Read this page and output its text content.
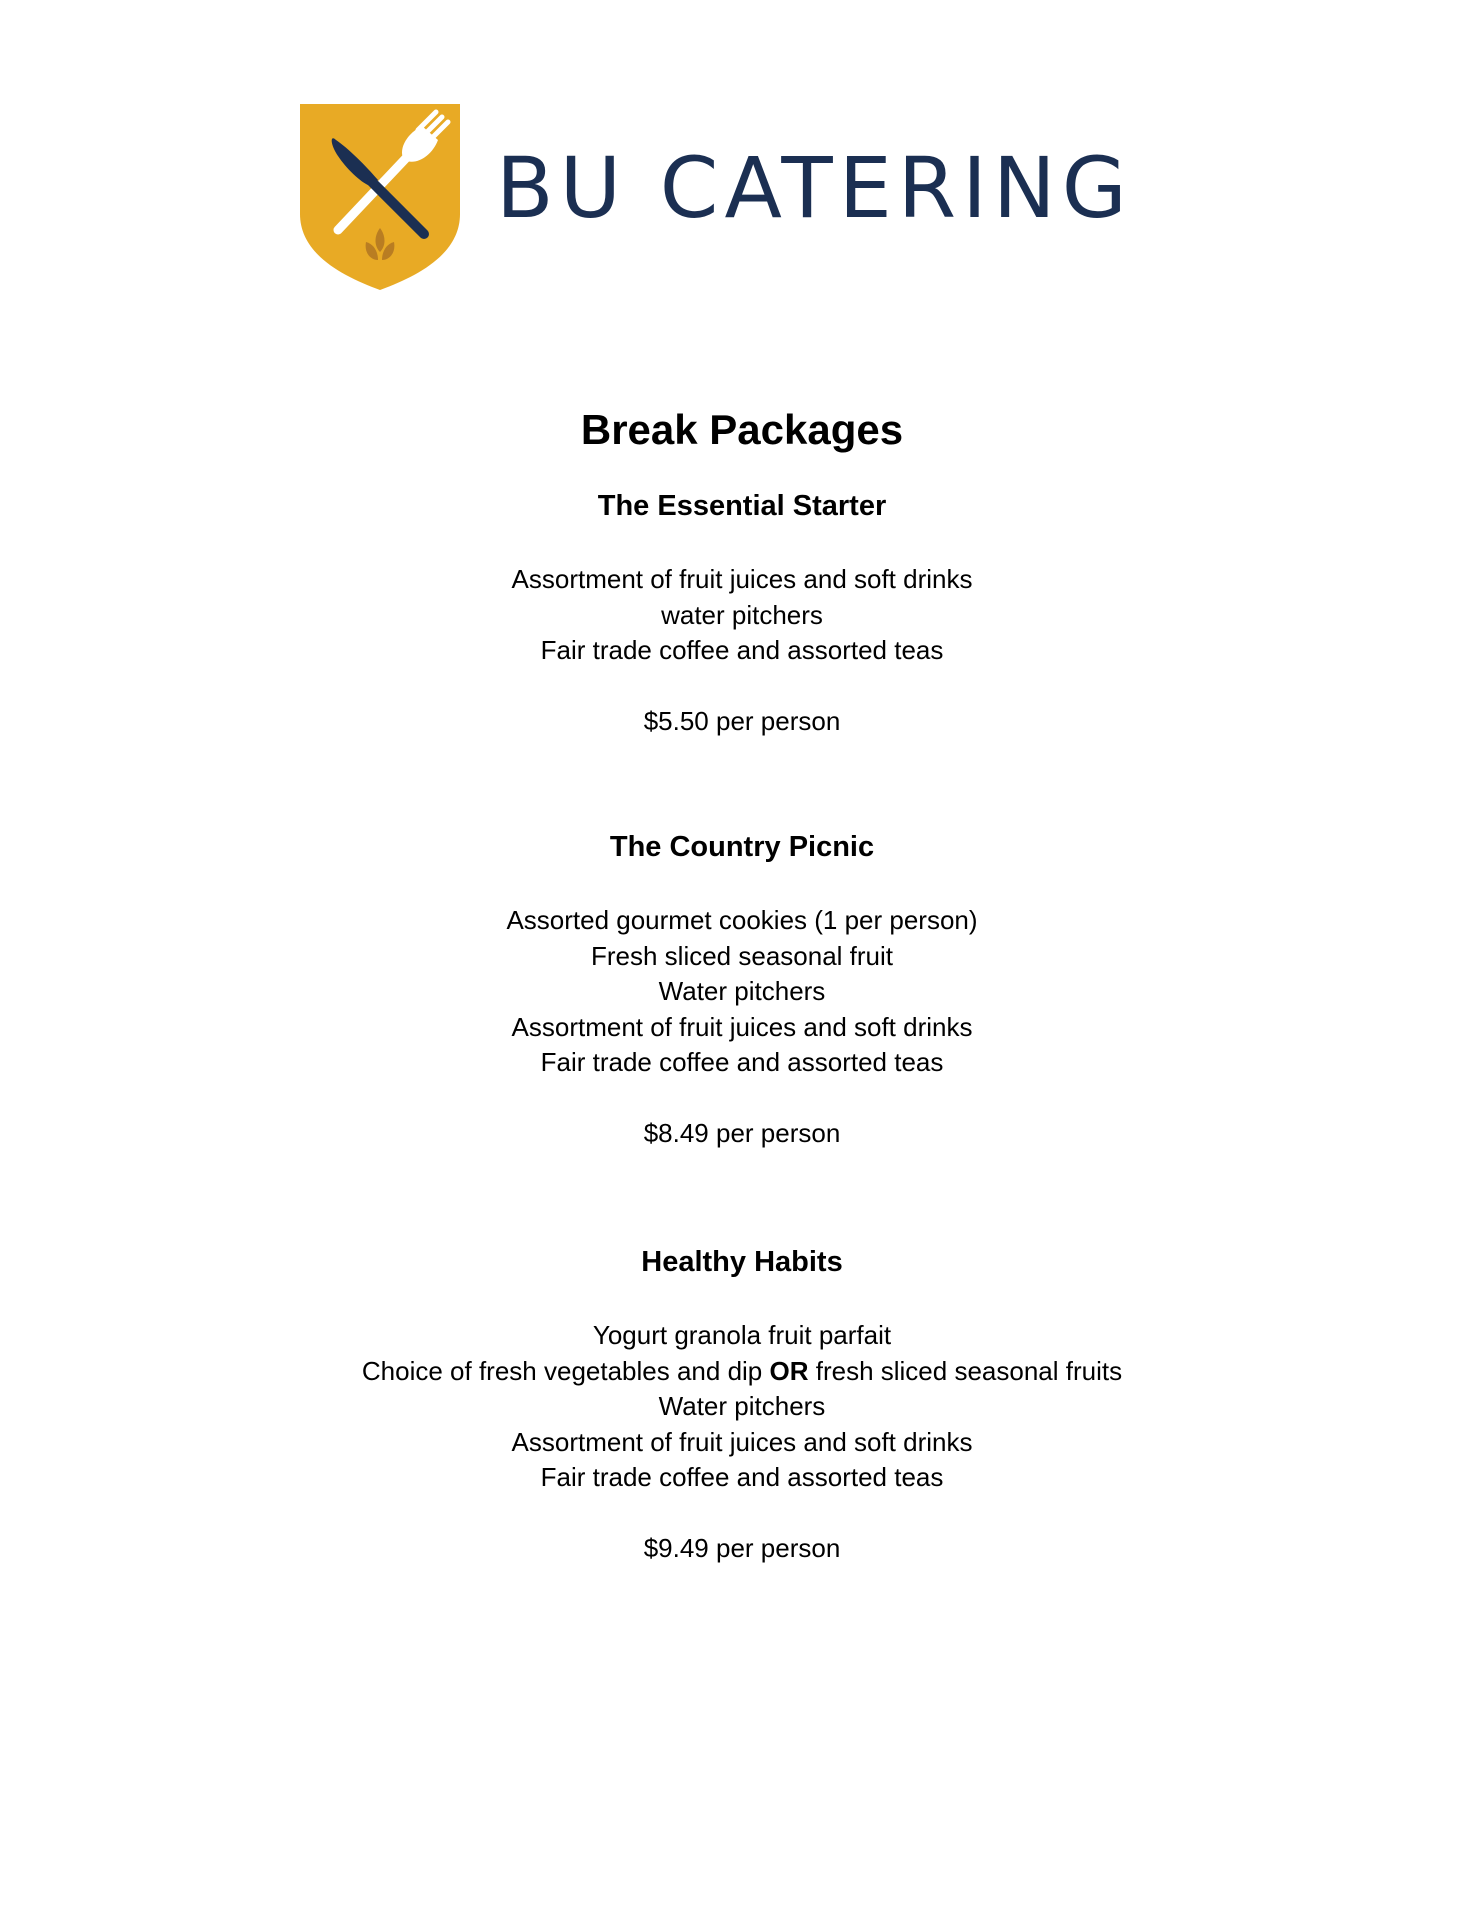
BU CATERING
Break Packages
The Essential Starter
Assortment of fruit juices and soft drinks
water pitchers
Fair trade coffee and assorted teas
$5.50 per person
The Country Picnic
Assorted gourmet cookies (1 per person)
Fresh sliced seasonal fruit
Water pitchers
Assortment of fruit juices and soft drinks
Fair trade coffee and assorted teas
$8.49 per person
Healthy Habits
Yogurt granola fruit parfait
Choice of fresh vegetables and dip OR fresh sliced seasonal fruits
Water pitchers
Assortment of fruit juices and soft drinks
Fair trade coffee and assorted teas
$9.49 per person
